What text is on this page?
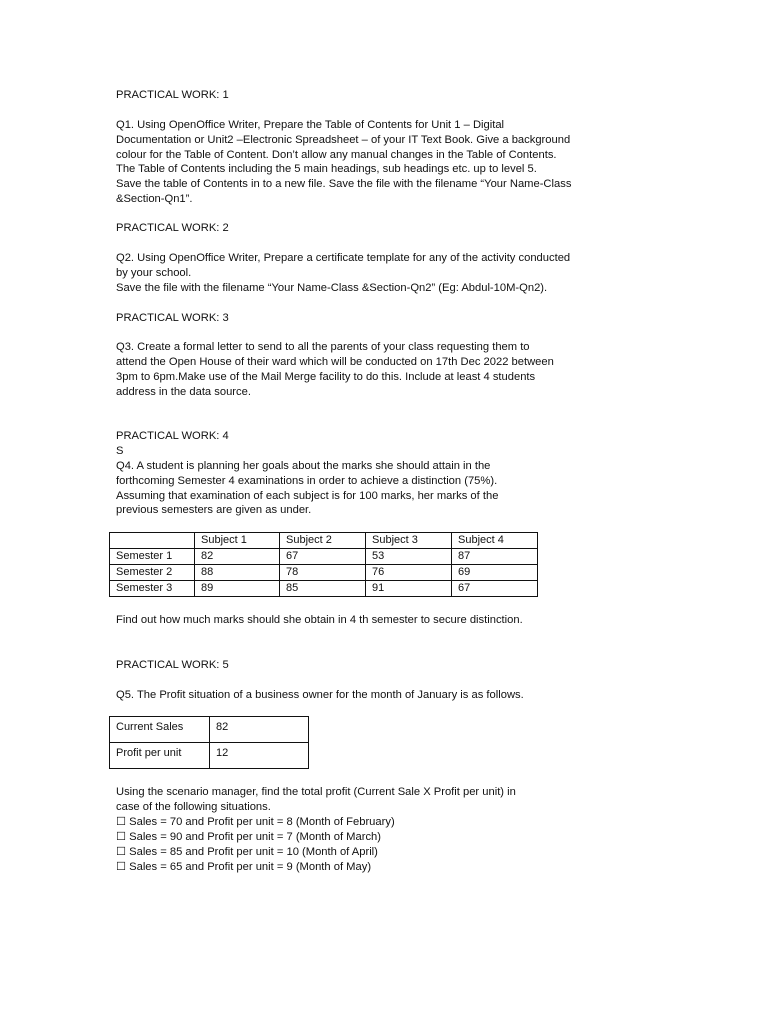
PRACTICAL WORK: 1

Q1. Using OpenOffice Writer, Prepare the Table of Contents for Unit 1 – Digital

Documentation or Unit2 –Electronic Spreadsheet – of your IT Text Book. Give a background

colour for the Table of Content. Don’t allow any manual changes in the Table of Contents.

The Table of Contents including the 5 main headings, sub headings etc. up to level 5.

Save the table of Contents in to a new file. Save the file with the filename “Your Name-Class

&Section-Qn1”.

PRACTICAL WORK: 2

Q2. Using OpenOffice Writer, Prepare a certificate template for any of the activity conducted

by your school.

Save the file with the filename “Your Name-Class &Section-Qn2” (Eg: Abdul-10M-Qn2).

PRACTICAL WORK: 3

Q3. Create a formal letter to send to all the parents of your class requesting them to

attend the Open House of their ward which will be conducted on 17th Dec 2022 between

3pm to 6pm.Make use of the Mail Merge facility to do this. Include at least 4 students

address in the data source.

PRACTICAL WORK: 4

S

Q4. A student is planning her goals about the marks she should attain in the

forthcoming Semester 4 examinations in order to achieve a distinction (75%).

Assuming that examination of each subject is for 100 marks, her marks of the

previous semesters are given as under.

	Subject 1	Subject 2	Subject 3	Subject 4
Semester 1	82	67	53	87
Semester 2	88	78	76	69
Semester 3	89	85	91	67

Find out how much marks should she obtain in 4 th semester to secure distinction.

PRACTICAL WORK: 5

Q5. The Profit situation of a business owner for the month of January is as follows.

Current Sales	82
Profit per unit	12

Using the scenario manager, find the total profit (Current Sale X Profit per unit) in

case of the following situations.

☐ Sales = 70 and Profit per unit = 8 (Month of February)

☐ Sales = 90 and Profit per unit = 7 (Month of March)

☐ Sales = 85 and Profit per unit = 10 (Month of April)

☐ Sales = 65 and Profit per unit = 9 (Month of May)
